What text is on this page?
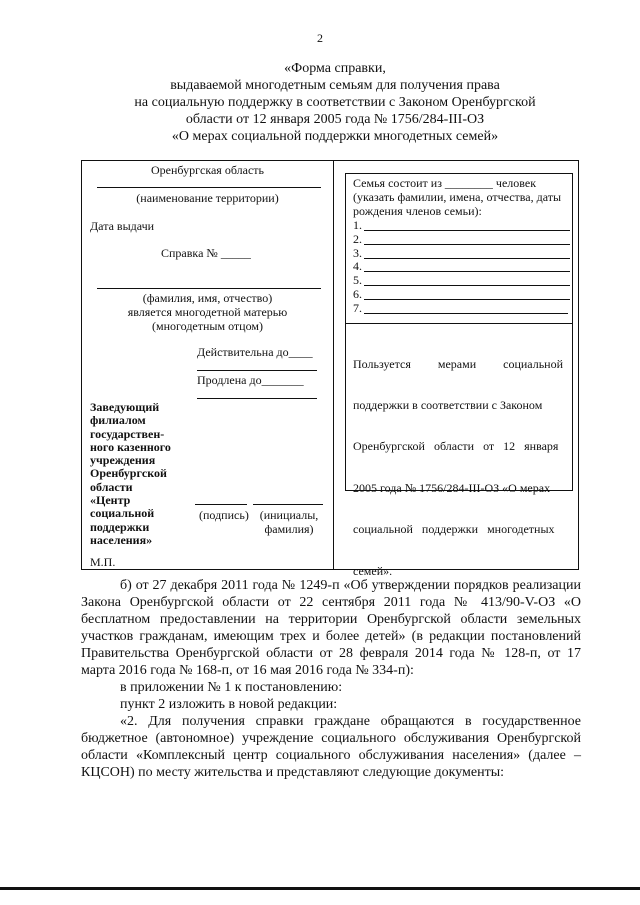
2
«Форма справки,
выдаваемой многодетным семьям для получения права
на социальную поддержку в соответствии с Законом Оренбургской
области от 12 января 2005 года № 1756/284-III-ОЗ
«О мерах социальной поддержки многодетных семей»
Оренбургская область
(наименование территории)
Дата выдачи
Справка № _____
(фамилия, имя, отчество)
является многодетной матерью
(многодетным отцом)
Действительна до____
Продлена до_______
Заведующий
филиалом
государствен-
ного казенного
учреждения
Оренбургской
области
«Центр
социальной
поддержки
населения»
М.П.
(подпись) (инициалы,
фамилия)
Семья состоит из ________ человек
(указать фамилии, имена, отчества, даты
рождения членов семьи):
1.
2.
3.
4.
5.
6.
7.

Пользуется         мерами         социальной

поддержки в соответствии с Законом

Оренбургской   области   от   12   января

2005 года № 1756/284-III-ОЗ «О мерах

социальной   поддержки   многодетных

семей».

б) от 27 декабря 2011 года № 1249-п «Об утверждении порядков реализации Закона Оренбургской области от 22 сентября 2011 года № 413/90-V-ОЗ «О бесплатном предоставлении на территории Оренбургской области земельных участков гражданам, имеющим трех и более детей» (в редакции постановлений Правительства Оренбургской области от 28 февраля 2014 года № 128-п, от 17 марта 2016 года № 168-п, от 16 мая 2016 года № 334-п):
в приложении № 1 к постановлению:
пункт 2 изложить в новой редакции:
«2. Для получения справки граждане обращаются в государственное бюджетное (автономное) учреждение социального обслуживания Оренбургской области «Комплексный центр социального обслуживания населения» (далее – КЦСОН) по месту жительства и представляют следующие документы:
